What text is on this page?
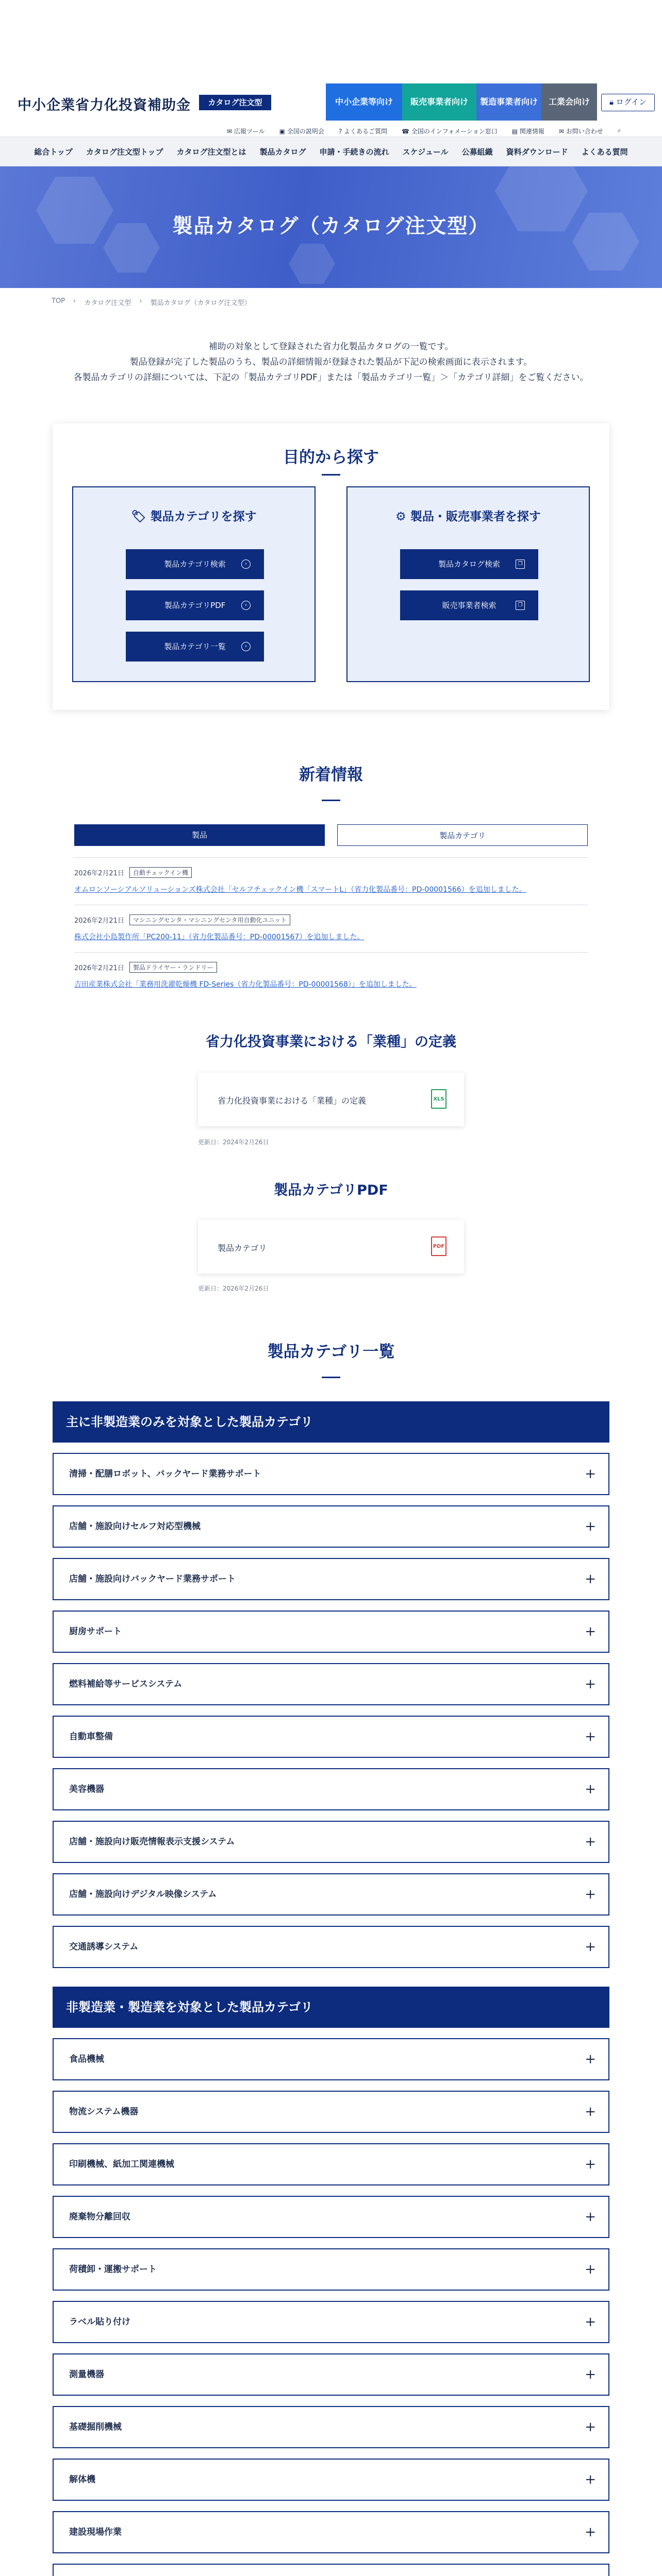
中小企業省力化投資補助金	カタログ注文型	中小企業等向け	販売事業者向け	製造事業者向け	工業会向け	🔒︎ ログイン
✉ 広報ツール ▣ 全国の説明会 ? よくあるご質問 ☎ 全国のインフォメーション窓口 ▤ 関連情報 ✉ お問い合わせ ⌕
総合トップ カタログ注文型トップ カタログ注文型とは 製品カタログ 申請・手続きの流れ スケジュール 公募組織 資料ダウンロード よくある質問
製品カタログ（カタログ注文型）
TOP › カタログ注文型 › 製品カタログ（カタログ注文型）
補助の対象として登録された省力化製品カタログの一覧です。
製品登録が完了した製品のうち、製品の詳細情報が登録された製品が下記の検索画面に表示されます。
各製品カテゴリの詳細については、下記の「製品カテゴリPDF」または「製品カテゴリ一覧」＞「カテゴリ詳細」をご覧ください。
目的から探す
🏷︎ 製品カテゴリを探す
製品カテゴリ検索	›
製品カテゴリPDF	›
製品カテゴリ一覧	›
⚙ 製品・販売事業者を探す
製品カタログ検索	❐
販売事業者検索	❐
新着情報
製品	製品カテゴリ
2026年2月21日	自動チェックイン機
オムロンソーシアルソリューションズ株式会社「セルフチェックイン機「スマートL」（省力化製品番号：PD-00001566）を追加しました。
2026年2月21日	マシニングセンタ・マシニングセンタ用自動化ユニット
株式会社小島製作所「PC200-11」（省力化製品番号：PD-00001567）を追加しました。
2026年2月21日	製品ドライヤー・ランドリー
吉田産業株式会社「業務用洗濯乾燥機 FD-Series（省力化製品番号：PD-00001568）」を追加しました。
省力化投資事業における「業種」の定義
省力化投資事業における「業種」の定義	XLS
更新日：2024年2月26日
製品カテゴリPDF
製品カテゴリ	PDF
更新日：2026年2月26日
製品カテゴリ一覧
主に非製造業のみを対象とした製品カテゴリ
清掃・配膳ロボット、バックヤード業務サポート	+
店舗・施設向けセルフ対応型機械	+
店舗・施設向けバックヤード業務サポート	+
厨房サポート	+
燃料補給等サービスシステム	+
自動車整備	+
美容機器	+
店舗・施設向け販売情報表示支援システム	+
店舗・施設向けデジタル映像システム	+
交通誘導システム	+
非製造業・製造業を対象とした製品カテゴリ
食品機械	+
物流システム機器	+
印刷機械、紙加工関連機械	+
廃棄物分離回収	+
荷積卸・運搬サポート	+
ラベル貼り付け	+
測量機器	+
基礎掘削機械	+
解体機	+
建設現場作業	+
